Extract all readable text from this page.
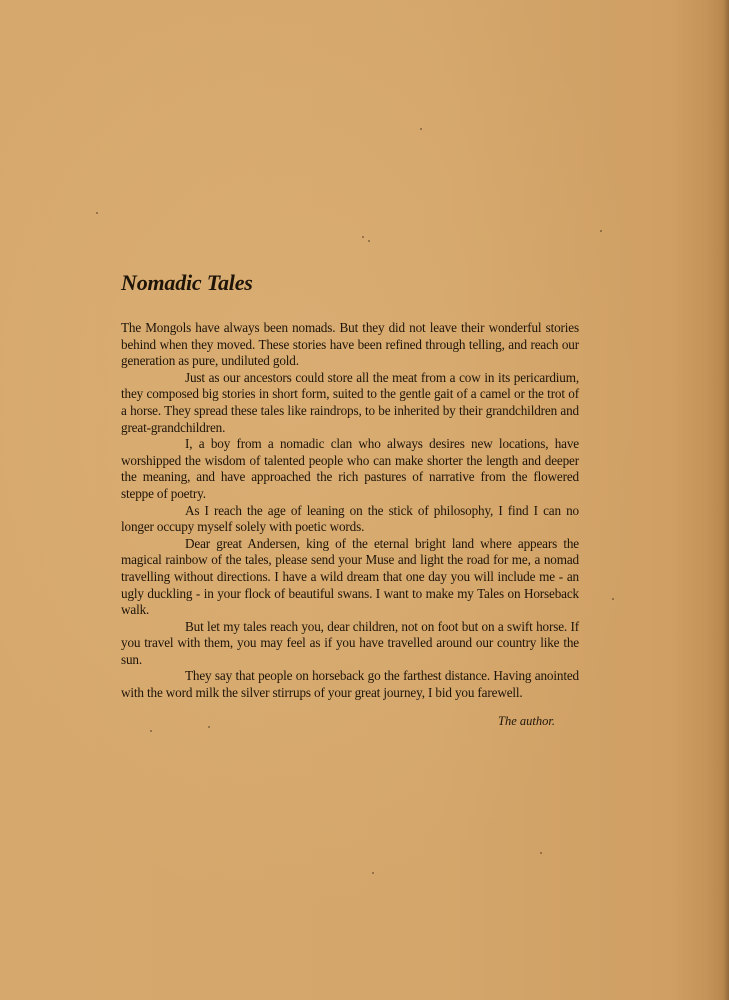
Nomadic Tales

The Mongols have always been nomads. But they did not leave their wonderful stories behind when they moved. These stories have been refined through telling, and reach our generation as pure, undiluted gold.

Just as our ancestors could store all the meat from a cow in its pericardium, they composed big stories in short form, suited to the gentle gait of a camel or the trot of a horse. They spread these tales like raindrops, to be inherited by their grandchildren and great-grandchildren.

I, a boy from a nomadic clan who always desires new locations, have worshipped the wisdom of talented people who can make shorter the length and deeper the meaning, and have approached the rich pastures of narrative from the flowered steppe of poetry.

As I reach the age of leaning on the stick of philosophy, I find I can no longer occupy myself solely with poetic words.

Dear great Andersen, king of the eternal bright land where appears the magical rainbow of the tales, please send your Muse and light the road for me, a nomad travelling without directions. I have a wild dream that one day you will include me - an ugly duckling - in your flock of beautiful swans. I want to make my Tales on Horseback walk.

But let my tales reach you, dear children, not on foot but on a swift horse. If you travel with them, you may feel as if you have travelled around our country like the sun.

They say that people on horseback go the farthest distance. Having anointed with the word milk the silver stirrups of your great journey, I bid you farewell.

The author.
